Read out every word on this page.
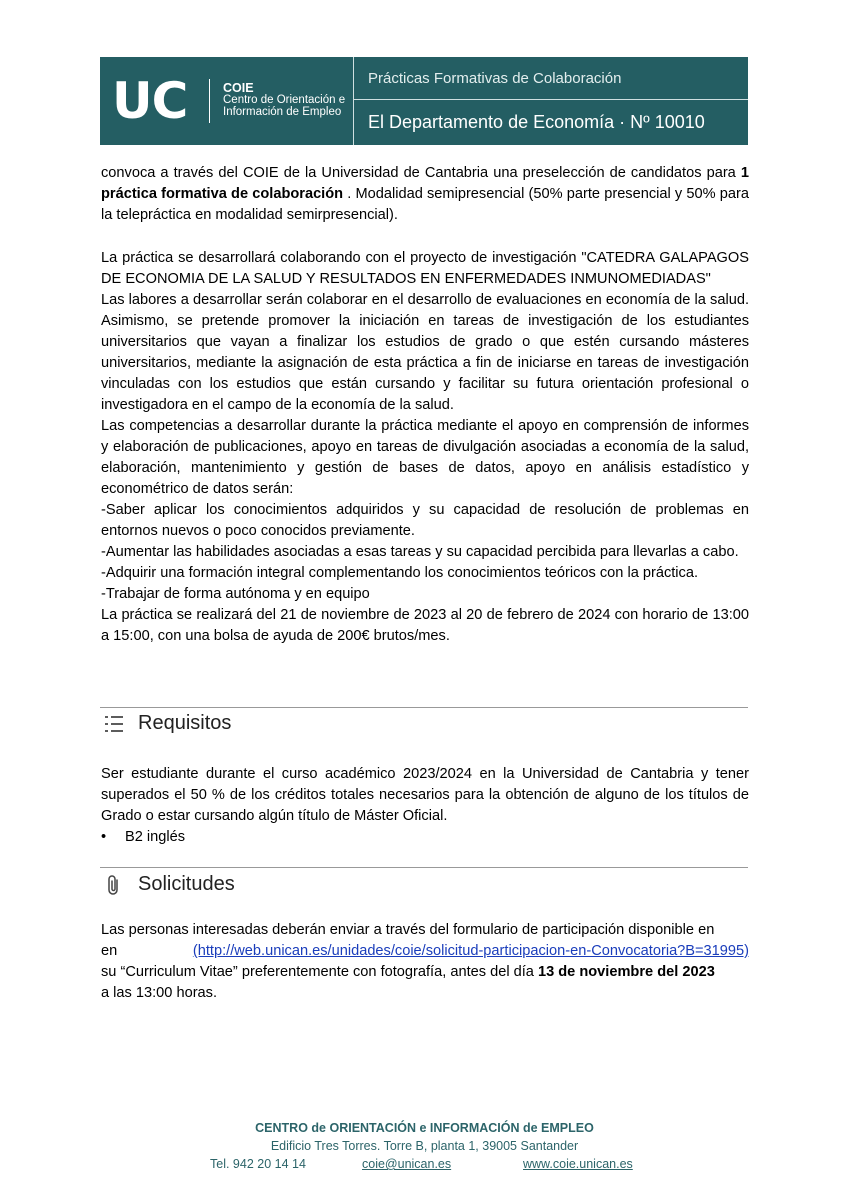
UC	COIE
Centro de Orientación e
Información de Empleo
Prácticas Formativas de Colaboración
El Departamento de Economía · Nº 10010

convoca a través del COIE de la Universidad de Cantabria una preselección de candidatos para 1 práctica formativa de colaboración . Modalidad semipresencial (50% parte presencial y 50% para la telepráctica en modalidad semirpresencial).

La práctica se desarrollará colaborando con el proyecto de investigación "CATEDRA GALAPAGOS DE ECONOMIA DE LA SALUD Y RESULTADOS EN ENFERMEDADES INMUNOMEDIADAS"

Las labores a desarrollar serán colaborar en el desarrollo de evaluaciones en economía de la salud. Asimismo, se pretende promover la iniciación en tareas de investigación de los estudiantes universitarios que vayan a finalizar los estudios de grado o que estén cursando másteres universitarios, mediante la asignación de esta práctica a fin de iniciarse en tareas de investigación vinculadas con los estudios que están cursando y facilitar su futura orientación profesional o investigadora en el campo de la economía de la salud.

Las competencias a desarrollar durante la práctica mediante el apoyo en comprensión de informes y elaboración de publicaciones, apoyo en tareas de divulgación asociadas a economía de la salud, elaboración, mantenimiento y gestión de bases de datos, apoyo en análisis estadístico y econométrico de datos serán:

-Saber aplicar los conocimientos adquiridos y su capacidad de resolución de problemas en entornos nuevos o poco conocidos previamente.

-Aumentar las habilidades asociadas a esas tareas y su capacidad percibida para llevarlas a cabo.

-Adquirir una formación integral complementando los conocimientos teóricos con la práctica.

-Trabajar de forma autónoma y en equipo

La práctica se realizará del 21 de noviembre de 2023 al 20 de febrero de 2024 con horario de 13:00 a 15:00, con una bolsa de ayuda de 200€ brutos/mes.

Requisitos

Ser estudiante durante el curso académico 2023/2024 en la Universidad de Cantabria y tener superados el 50 % de los créditos totales necesarios para la obtención de alguno de los títulos de Grado o estar cursando algún título de Máster Oficial.

•	B2 inglés
Solicitudes

Las personas interesadas deberán enviar a través del formulario de participación disponible en

en	(http://web.unican.es/unidades/coie/solicitud-participacion-en-Convocatoria?B=31995)

su “Curriculum Vitae” preferentemente con fotografía, antes del día 13 de noviembre del 2023

a las 13:00 horas.

CENTRO de ORIENTACIÓN e INFORMACIÓN de EMPLEO
Edificio Tres Torres. Torre B, planta 1, 39005 Santander
Tel. 942 20 14 14	coie@unican.es	www.coie.unican.es
